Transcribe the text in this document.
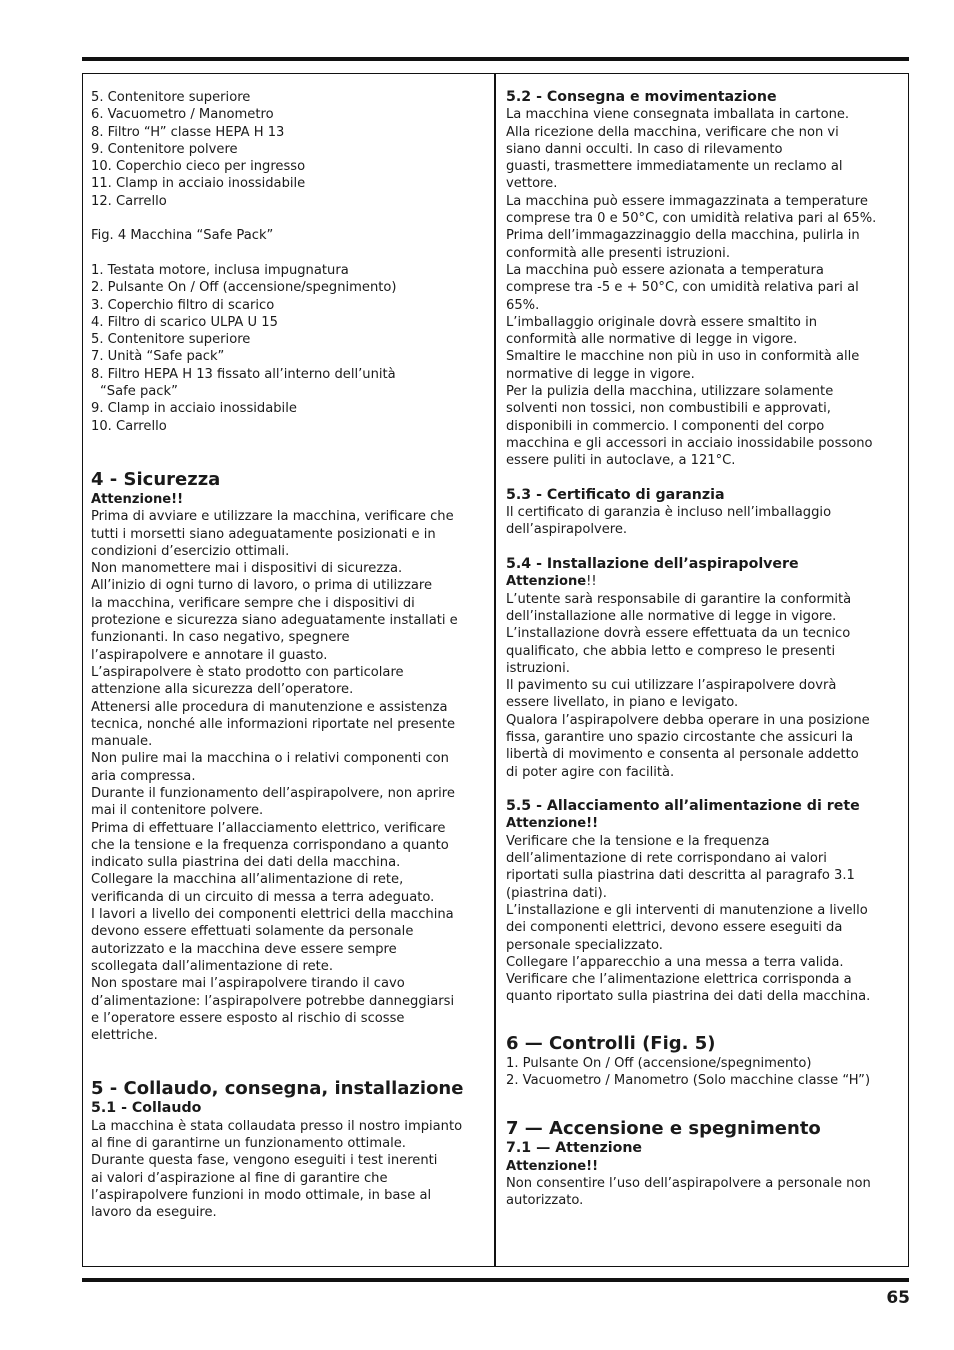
5. Contenitore superiore
6. Vacuometro / Manometro
8. Filtro “H” classe HEPA H 13
9. Contenitore polvere
10. Coperchio cieco per ingresso
11. Clamp in acciaio inossidabile
12. Carrello
Fig. 4 Macchina “Safe Pack”
1. Testata motore, inclusa impugnatura
2. Pulsante On / Off (accensione/spegnimento)
3. Coperchio filtro di scarico
4. Filtro di scarico ULPA U 15
5. Contenitore superiore
7. Unità “Safe pack”
8. Filtro HEPA H 13 fissato all’interno dell’unità
“Safe pack”
9. Clamp in acciaio inossidabile
10. Carrello
4 - Sicurezza
Attenzione!!
Prima di avviare e utilizzare la macchina, verificare che
tutti i morsetti siano adeguatamente posizionati e in
condizioni d’esercizio ottimali.
Non manomettere mai i dispositivi di sicurezza.
All’inizio di ogni turno di lavoro, o prima di utilizzare
la macchina, verificare sempre che i dispositivi di
protezione e sicurezza siano adeguatamente installati e
funzionanti. In caso negativo, spegnere
l’aspirapolvere e annotare il guasto.
L’aspirapolvere è stato prodotto con particolare
attenzione alla sicurezza dell’operatore.
Attenersi alle procedura di manutenzione e assistenza
tecnica, nonché alle informazioni riportate nel presente
manuale.
Non pulire mai la macchina o i relativi componenti con
aria compressa.
Durante il funzionamento dell’aspirapolvere, non aprire
mai il contenitore polvere.
Prima di effettuare l’allacciamento elettrico, verificare
che la tensione e la frequenza corrispondano a quanto
indicato sulla piastrina dei dati della macchina.
Collegare la macchina all’alimentazione di rete,
verificanda di un circuito di messa a terra adeguato.
I lavori a livello dei componenti elettrici della macchina
devono essere effettuati solamente da personale
autorizzato e la macchina deve essere sempre
scollegata dall’alimentazione di rete.
Non spostare mai l’aspirapolvere tirando il cavo
d’alimentazione: l’aspirapolvere potrebbe danneggiarsi
e l’operatore essere esposto al rischio di scosse
elettriche.
5 - Collaudo, consegna, installazione
5.1 - Collaudo
La macchina è stata collaudata presso il nostro impianto
al fine di garantirne un funzionamento ottimale.
Durante questa fase, vengono eseguiti i test inerenti
ai valori d’aspirazione al fine di garantire che
l’aspirapolvere funzioni in modo ottimale, in base al
lavoro da eseguire.
5.2 - Consegna e movimentazione
La macchina viene consegnata imballata in cartone.
Alla ricezione della macchina, verificare che non vi
siano danni occulti. In caso di rilevamento
guasti, trasmettere immediatamente un reclamo al
vettore.
La macchina può essere immagazzinata a temperature
comprese tra 0 e 50°C, con umidità relativa pari al 65%.
Prima dell’immagazzinaggio della macchina, pulirla in
conformità alle presenti istruzioni.
La macchina può essere azionata a temperatura
comprese tra -5 e + 50°C, con umidità relativa pari al
65%.
L’imballaggio originale dovrà essere smaltito in
conformità alle normative di legge in vigore.
Smaltire le macchine non più in uso in conformità alle
normative di legge in vigore.
Per la pulizia della macchina, utilizzare solamente
solventi non tossici, non combustibili e approvati,
disponibili in commercio. I componenti del corpo
macchina e gli accessori in acciaio inossidabile possono
essere puliti in autoclave, a 121°C.
5.3 - Certificato di garanzia
Il certificato di garanzia è incluso nell’imballaggio
dell’aspirapolvere.
5.4 - Installazione dell’aspirapolvere
Attenzione!!
L’utente sarà responsabile di garantire la conformità
dell’installazione alle normative di legge in vigore.
L’installazione dovrà essere effettuata da un tecnico
qualificato, che abbia letto e compreso le presenti
istruzioni.
Il pavimento su cui utilizzare l’aspirapolvere dovrà
essere livellato, in piano e levigato.
Qualora l’aspirapolvere debba operare in una posizione
fissa, garantire uno spazio circostante che assicuri la
libertà di movimento e consenta al personale addetto
di poter agire con facilità.
5.5 - Allacciamento all’alimentazione di rete
Attenzione!!
Verificare che la tensione e la frequenza
dell’alimentazione di rete corrispondano ai valori
riportati sulla piastrina dati descritta al paragrafo 3.1
(piastrina dati).
L’installazione e gli interventi di manutenzione a livello
dei componenti elettrici, devono essere eseguiti da
personale specializzato.
Collegare l’apparecchio a una messa a terra valida.
Verificare che l’alimentazione elettrica corrisponda a
quanto riportato sulla piastrina dei dati della macchina.
6 — Controlli (Fig. 5)
1. Pulsante On / Off (accensione/spegnimento)
2. Vacuometro / Manometro (Solo macchine classe “H”)
7 — Accensione e spegnimento
7.1 — Attenzione
Attenzione!!
Non consentire l’uso dell’aspirapolvere a personale non
autorizzato.
65
